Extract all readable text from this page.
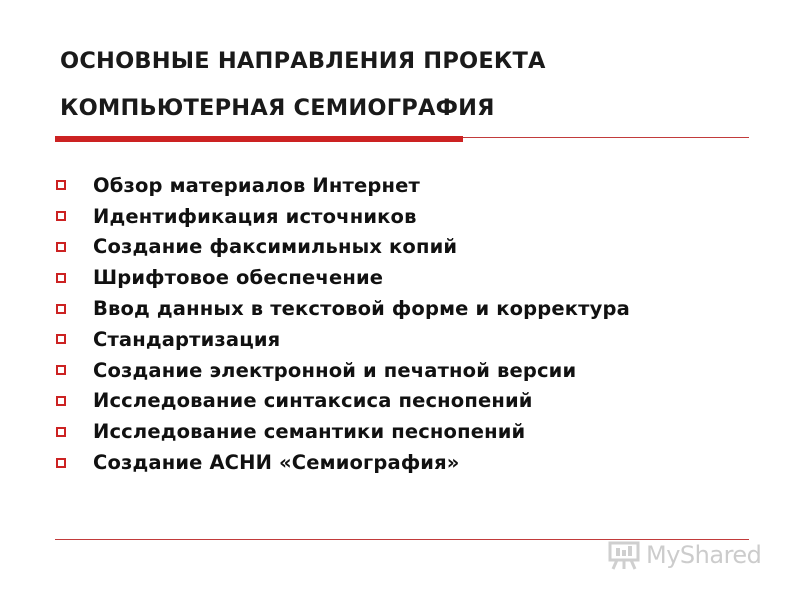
ОСНОВНЫЕ НАПРАВЛЕНИЯ ПРОЕКТА
КОМПЬЮТЕРНАЯ СЕМИОГРАФИЯ
Обзор материалов Интернет
Идентификация источников
Создание факсимильных копий
Шрифтовое обеспечение
Ввод данных в текстовой форме и корректура
Стандартизация
Создание электронной и печатной версии
Исследование синтаксиса песнопений
Исследование семантики песнопений
Создание АСНИ «Семиография»
MyShared
